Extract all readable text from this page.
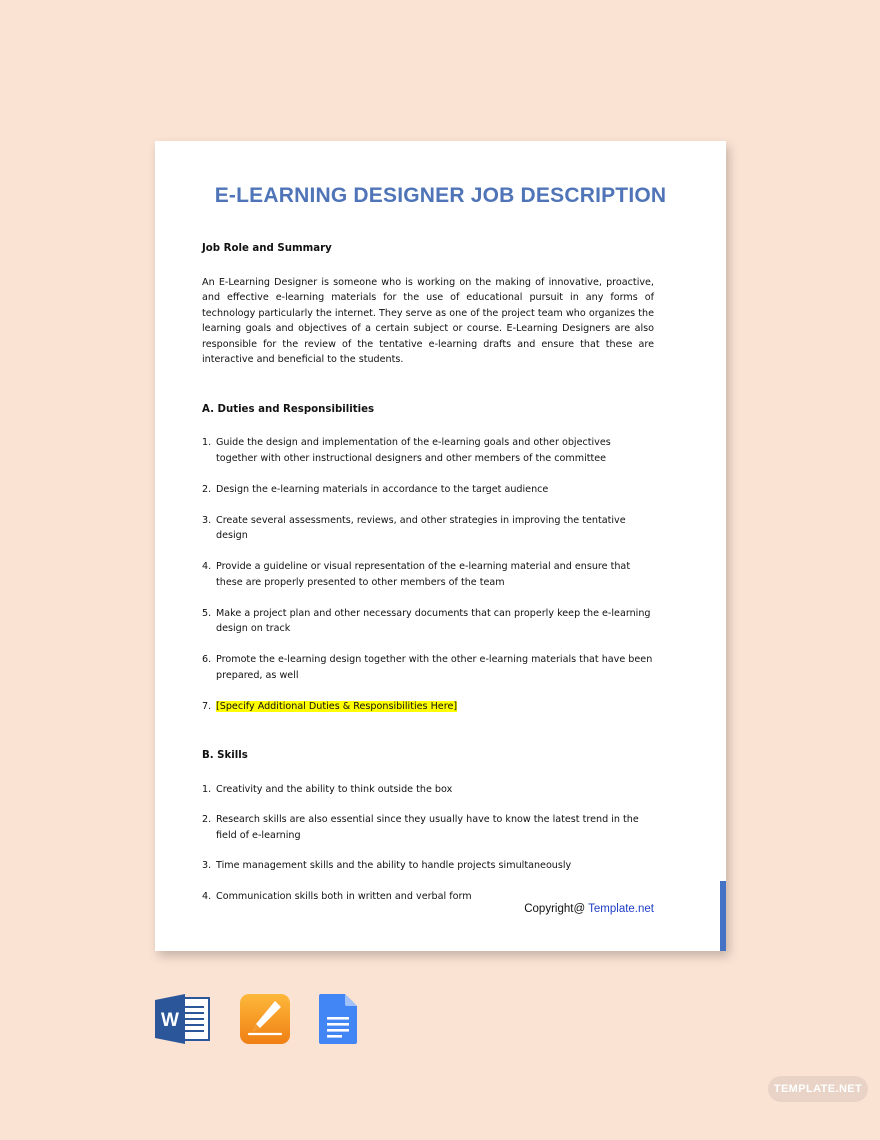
E-LEARNING DESIGNER JOB DESCRIPTION
Job Role and Summary

An E-Learning Designer is someone who is working on the making of innovative, proactive, and effective e-learning materials for the use of educational pursuit in any forms of technology particularly the internet. They serve as one of the project team who organizes the learning goals and objectives of a certain subject or course. E-Learning Designers are also responsible for the review of the tentative e-learning drafts and ensure that these are interactive and beneficial to the students.

A. Duties and Responsibilities
1. Guide the design and implementation of the e-learning goals and other objectives together with other instructional designers and other members of the committee
2. Design the e-learning materials in accordance to the target audience
3. Create several assessments, reviews, and other strategies in improving the tentative design
4. Provide a guideline or visual representation of the e-learning material and ensure that these are properly presented to other members of the team
5. Make a project plan and other necessary documents that can properly keep the e-learning design on track
6. Promote the e-learning design together with the other e-learning materials that have been prepared, as well
7. [Specify Additional Duties & Responsibilities Here]
B. Skills
1. Creativity and the ability to think outside the box
2. Research skills are also essential since they usually have to know the latest trend in the field of e-learning
3. Time management skills and the ability to handle projects simultaneously
4. Communication skills both in written and verbal form
Copyright@ Template.net
W
TEMPLATE.NET
